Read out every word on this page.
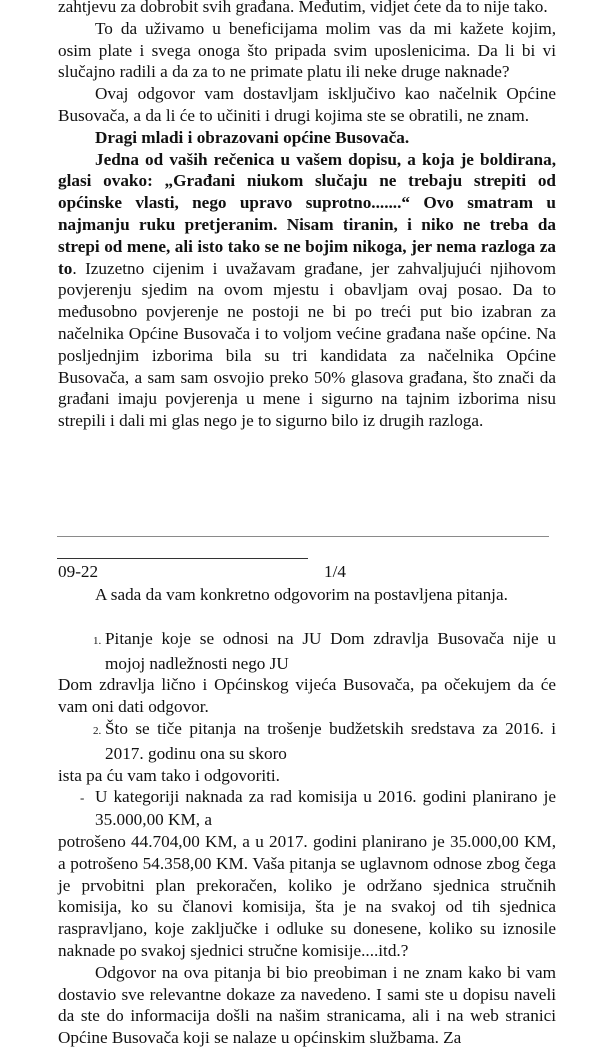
zahtjevu za dobrobit svih građana. Međutim, vidjet ćete da to nije tako.

To da uživamo u beneficijama molim vas da mi kažete kojim, osim plate i svega onoga što pripada svim uposlenicima. Da li bi vi slučajno radili a da za to ne primate platu ili neke druge naknade?

Ovaj odgovor vam dostavljam isključivo kao načelnik Općine Busovača, a da li će to učiniti i drugi kojima ste se obratili, ne znam.

Dragi mladi i obrazovani općine Busovača.

Jedna od vaših rečenica u vašem dopisu, a koja je boldirana, glasi ovako: „Građani niukom slučaju ne trebaju strepiti od općinske vlasti, nego upravo suprotno.......“ Ovo smatram u najmanju ruku pretjeranim. Nisam tiranin, i niko ne treba da strepi od mene, ali isto tako se ne bojim nikoga, jer nema razloga za to. Izuzetno cijenim i uvažavam građane, jer zahvaljujući njihovom povjerenju sjedim na ovom mjestu i obavljam ovaj posao. Da to međusobno povjerenje ne postoji ne bi po treći put bio izabran za načelnika Općine Busovača i to voljom većine građana naše općine. Na posljednjim izborima bila su tri kandidata za načelnika Općine Busovača, a sam sam osvojio preko 50% glasova građana, što znači da građani imaju povjerenja u mene i sigurno na tajnim izborima nisu strepili i dali mi glas nego je to sigurno bilo iz drugih razloga.

09-22	1/4

A sada da vam konkretno odgovorim na postavljena pitanja.

1. Pitanje koje se odnosi na JU Dom zdravlja Busovača nije u mojoj nadležnosti nego JU

Dom zdravlja lično i Općinskog vijeća Busovača, pa očekujem da će vam oni dati odgovor.

2. Što se tiče pitanja na trošenje budžetskih sredstava za 2016. i 2017. godinu ona su skoro

ista pa ću vam tako i odgovoriti.

- U kategoriji naknada za rad komisija u 2016. godini planirano je 35.000,00 KM, a

potrošeno 44.704,00 KM, a u 2017. godini planirano je 35.000,00 KM, a potrošeno 54.358,00 KM. Vaša pitanja se uglavnom odnose zbog čega je prvobitni plan prekoračen, koliko je održano sjednica stručnih komisija, ko su članovi komisija, šta je na svakoj od tih sjednica raspravljano, koje zaključke i odluke su donesene, koliko su iznosile naknade po svakoj sjednici stručne komisije....itd.?

Odgovor na ova pitanja bi bio preobiman i ne znam kako bi vam dostavio sve relevantne dokaze za navedeno. I sami ste u dopisu naveli da ste do informacija došli na našim stranicama, ali i na web stranici Općine Busovača koji se nalaze u općinskim službama. Za
